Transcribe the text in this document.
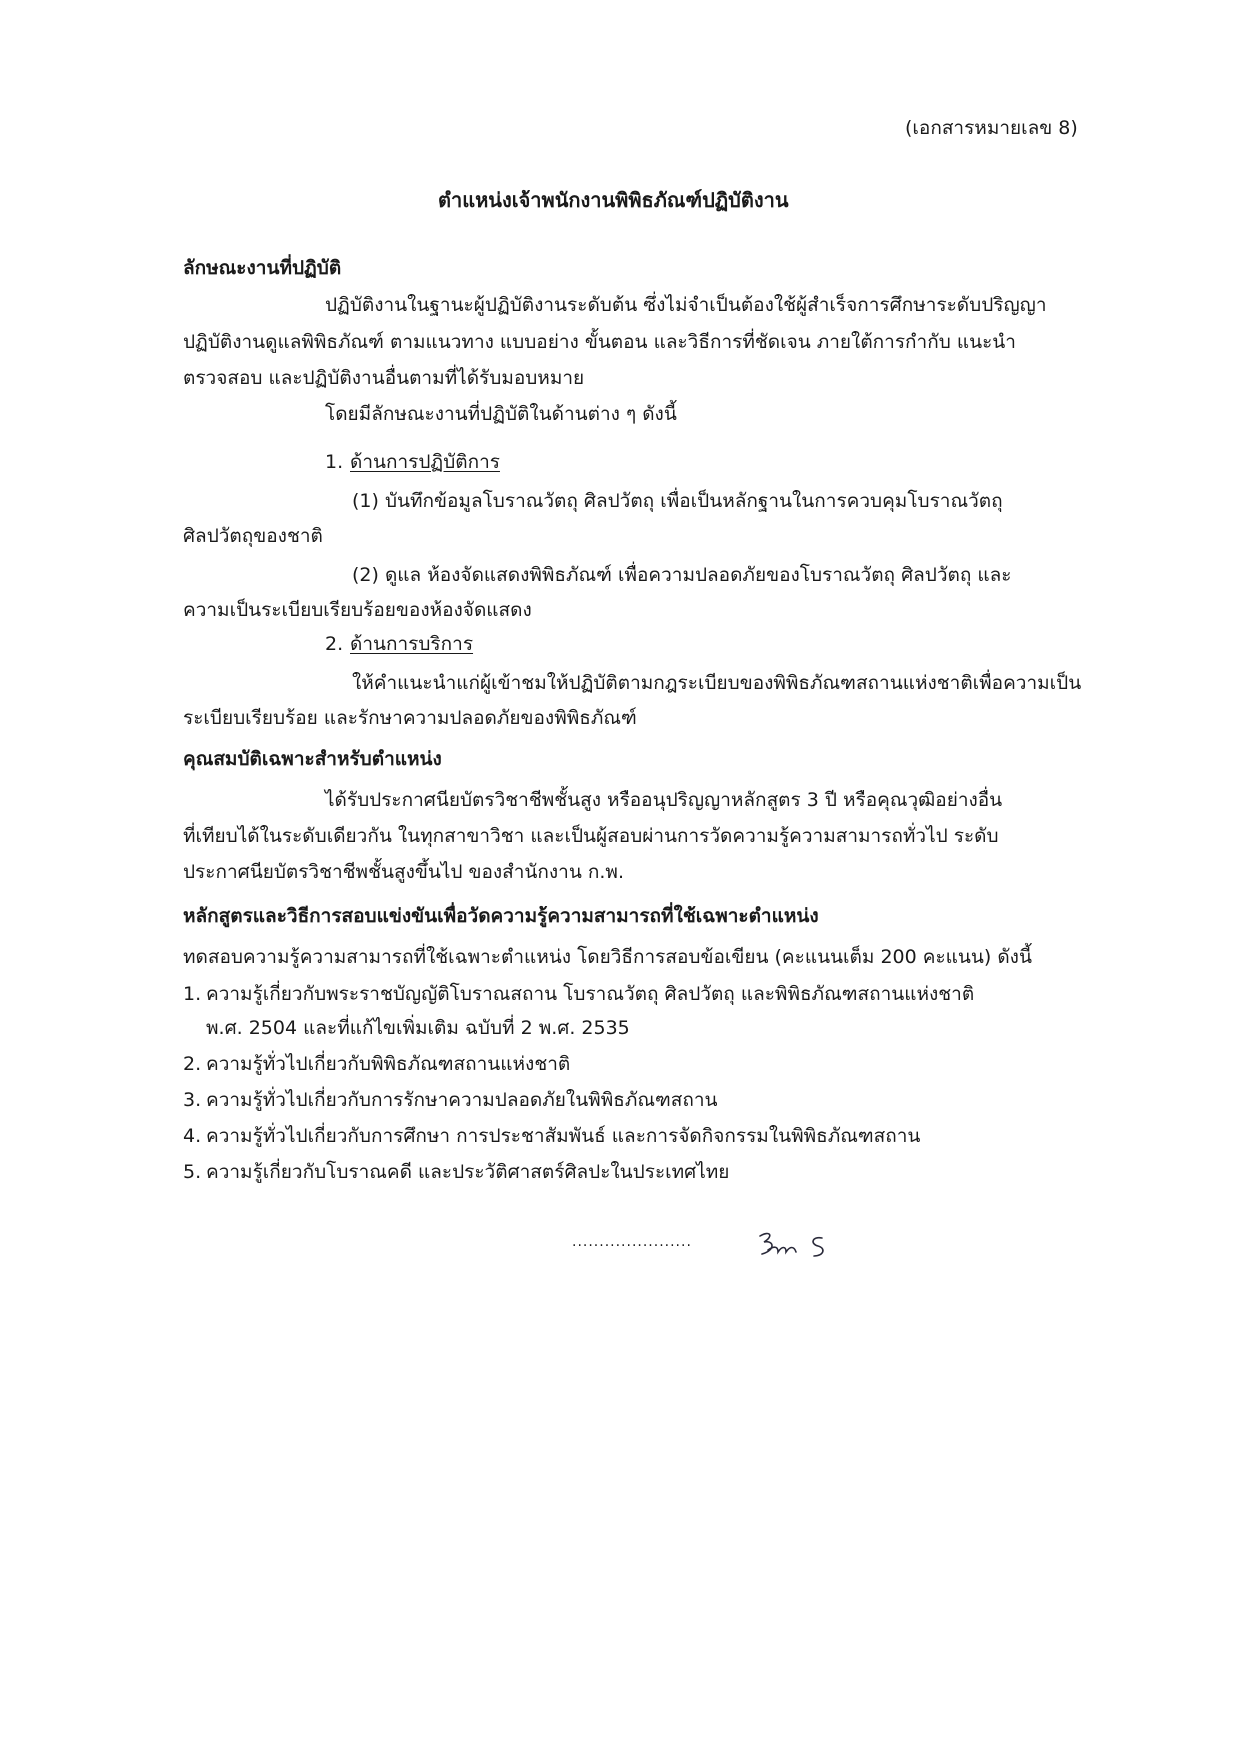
(เอกสารหมายเลข 8)
ตำแหน่งเจ้าพนักงานพิพิธภัณฑ์ปฏิบัติงาน
ลักษณะงานที่ปฏิบัติ
ปฏิบัติงานในฐานะผู้ปฏิบัติงานระดับต้น ซึ่งไม่จำเป็นต้องใช้ผู้สำเร็จการศึกษาระดับปริญญา
ปฏิบัติงานดูแลพิพิธภัณฑ์ ตามแนวทาง แบบอย่าง ขั้นตอน และวิธีการที่ชัดเจน ภายใต้การกำกับ แนะนำ
ตรวจสอบ และปฏิบัติงานอื่นตามที่ได้รับมอบหมาย
โดยมีลักษณะงานที่ปฏิบัติในด้านต่าง ๆ ดังนี้
1. ด้านการปฏิบัติการ
(1) บันทึกข้อมูลโบราณวัตถุ ศิลปวัตถุ เพื่อเป็นหลักฐานในการควบคุมโบราณวัตถุ
ศิลปวัตถุของชาติ
(2) ดูแล ห้องจัดแสดงพิพิธภัณฑ์ เพื่อความปลอดภัยของโบราณวัตถุ ศิลปวัตถุ และ
ความเป็นระเบียบเรียบร้อยของห้องจัดแสดง
2. ด้านการบริการ
ให้คำแนะนำแก่ผู้เข้าชมให้ปฏิบัติตามกฎระเบียบของพิพิธภัณฑสถานแห่งชาติเพื่อความเป็น
ระเบียบเรียบร้อย และรักษาความปลอดภัยของพิพิธภัณฑ์
คุณสมบัติเฉพาะสำหรับตำแหน่ง
ได้รับประกาศนียบัตรวิชาชีพชั้นสูง หรืออนุปริญญาหลักสูตร 3 ปี หรือคุณวุฒิอย่างอื่น
ที่เทียบได้ในระดับเดียวกัน ในทุกสาขาวิชา และเป็นผู้สอบผ่านการวัดความรู้ความสามารถทั่วไป ระดับ
ประกาศนียบัตรวิชาชีพชั้นสูงขึ้นไป ของสำนักงาน ก.พ.
หลักสูตรและวิธีการสอบแข่งขันเพื่อวัดความรู้ความสามารถที่ใช้เฉพาะตำแหน่ง
ทดสอบความรู้ความสามารถที่ใช้เฉพาะตำแหน่ง โดยวิธีการสอบข้อเขียน (คะแนนเต็ม 200 คะแนน) ดังนี้
1. ความรู้เกี่ยวกับพระราชบัญญัติโบราณสถาน โบราณวัตถุ ศิลปวัตถุ และพิพิธภัณฑสถานแห่งชาติ
พ.ศ. 2504 และที่แก้ไขเพิ่มเติม ฉบับที่ 2 พ.ศ. 2535
2. ความรู้ทั่วไปเกี่ยวกับพิพิธภัณฑสถานแห่งชาติ
3. ความรู้ทั่วไปเกี่ยวกับการรักษาความปลอดภัยในพิพิธภัณฑสถาน
4. ความรู้ทั่วไปเกี่ยวกับการศึกษา การประชาสัมพันธ์ และการจัดกิจกรรมในพิพิธภัณฑสถาน
5. ความรู้เกี่ยวกับโบราณคดี และประวัติศาสตร์ศิลปะในประเทศไทย
......................
